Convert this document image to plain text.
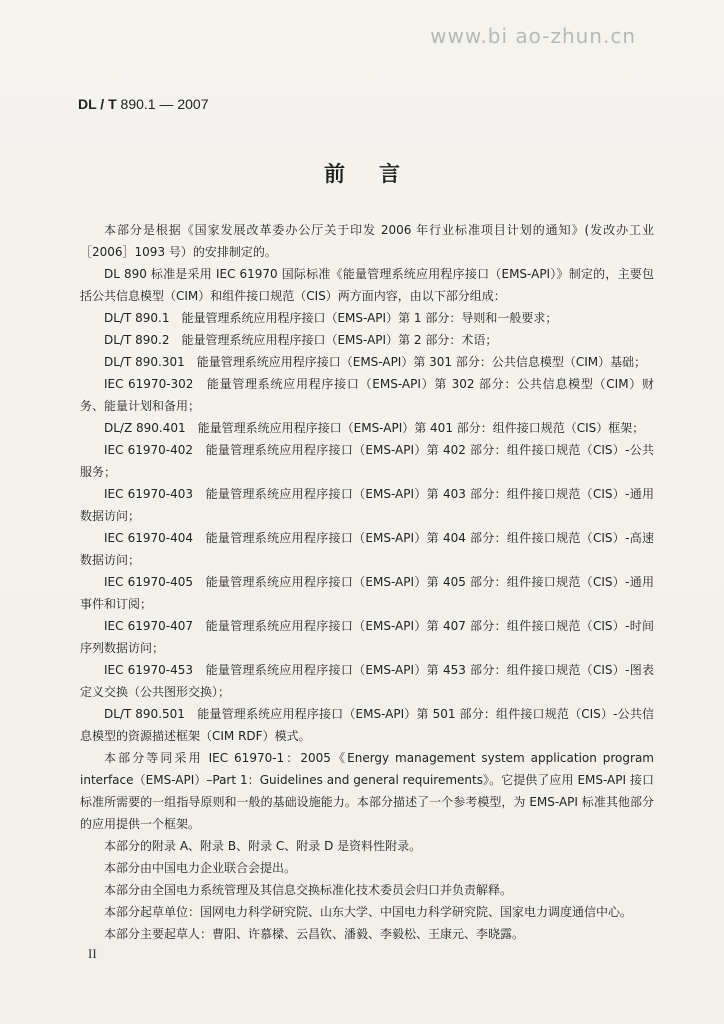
www.bi ao-zhun.cn
DL / T 890.1 — 2007
前言

本部分是根据《国家发展改革委办公厅关于印发 2006 年行业标准项目计划的通知》(发改办工业［2006］1093 号）的安排制定的。

DL 890 标准是采用 IEC 61970 国际标准《能量管理系统应用程序接口（EMS-API）》制定的，主要包括公共信息模型（CIM）和组件接口规范（CIS）两方面内容，由以下部分组成：

DL/T 890.1　能量管理系统应用程序接口（EMS-API）第 1 部分：导则和一般要求；

DL/T 890.2　能量管理系统应用程序接口（EMS-API）第 2 部分：术语；

DL/T 890.301　能量管理系统应用程序接口（EMS-API）第 301 部分：公共信息模型（CIM）基础；

IEC 61970-302　能量管理系统应用程序接口（EMS-API）第 302 部分：公共信息模型（CIM）财务、能量计划和备用；

DL/Z 890.401　能量管理系统应用程序接口（EMS-API）第 401 部分：组件接口规范（CIS）框架；

IEC 61970-402　能量管理系统应用程序接口（EMS-API）第 402 部分：组件接口规范（CIS）-公共服务；

IEC 61970-403　能量管理系统应用程序接口（EMS-API）第 403 部分：组件接口规范（CIS）-通用数据访问；

IEC 61970-404　能量管理系统应用程序接口（EMS-API）第 404 部分：组件接口规范（CIS）-高速数据访问；

IEC 61970-405　能量管理系统应用程序接口（EMS-API）第 405 部分：组件接口规范（CIS）-通用事件和订阅；

IEC 61970-407　能量管理系统应用程序接口（EMS-API）第 407 部分：组件接口规范（CIS）-时间序列数据访问；

IEC 61970-453　能量管理系统应用程序接口（EMS-API）第 453 部分：组件接口规范（CIS）-图表定义交换（公共图形交换）；

DL/T 890.501　能量管理系统应用程序接口（EMS-API）第 501 部分：组件接口规范（CIS）-公共信息模型的资源描述框架（CIM RDF）模式。

本部分等同采用 IEC 61970-1：2005《Energy management system application program interface（EMS-API）–Part 1：Guidelines and general requirements》。它提供了应用 EMS-API 接口标准所需要的一组指导原则和一般的基础设施能力。本部分描述了一个参考模型，为 EMS-API 标准其他部分的应用提供一个框架。

本部分的附录 A、附录 B、附录 C、附录 D 是资料性附录。

本部分由中国电力企业联合会提出。

本部分由全国电力系统管理及其信息交换标准化技术委员会归口并负责解释。

本部分起草单位：国网电力科学研究院、山东大学、中国电力科学研究院、国家电力调度通信中心。

本部分主要起草人：曹阳、许慕樑、云昌钦、潘毅、李毅松、王康元、李晓露。

II
